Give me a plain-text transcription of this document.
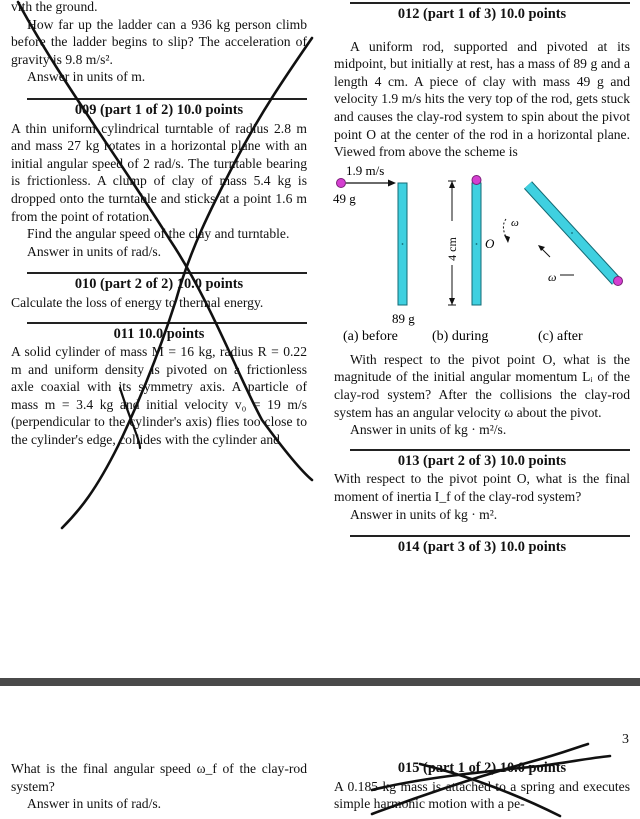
vith the ground.

How far up the ladder can a 936 kg person climb before the ladder begins to slip? The acceleration of gravity is 9.8 m/s².

Answer in units of m.

009 (part 1 of 2) 10.0 points

A thin uniform cylindrical turntable of radius 2.8 m and mass 27 kg rotates in a horizontal plane with an initial angular speed of 2 rad/s. The turntable bearing is frictionless. A clump of clay of mass 5.4 kg is dropped onto the turntable and sticks at a point 1.6 m from the point of rotation.

Find the angular speed of the clay and turntable.

Answer in units of rad/s.

010 (part 2 of 2) 10.0 points

Calculate the loss of energy to thermal energy.

011 10.0 points

A solid cylinder of mass M = 16 kg, radius R = 0.22 m and uniform density is pivoted on a frictionless axle coaxial with its symmetry axis. A particle of mass m = 3.4 kg and initial velocity v₀ = 19 m/s (perpendicular to the cylinder's axis) flies too close to the cylinder's edge, collides with the cylinder and

012 (part 1 of 3) 10.0 points

A uniform rod, supported and pivoted at its midpoint, but initially at rest, has a mass of 89 g and a length 4 cm. A piece of clay with mass 49 g and velocity 1.9 m/s hits the very top of the rod, gets stuck and causes the clay-rod system to spin about the pivot point O at the center of the rod in a horizontal plane. Viewed from above the scheme is

1.9 m/s
49 g
89 g
(a) before
4 cm O
ω
(b) during
ω
(c) after

With respect to the pivot point O, what is the magnitude of the initial angular momentum Lᵢ of the clay-rod system? After the collisions the clay-rod system has an angular velocity ω about the pivot.

Answer in units of kg · m²/s.

013 (part 2 of 3) 10.0 points

With respect to the pivot point O, what is the final moment of inertia I_f of the clay-rod system?

Answer in units of kg · m².

014 (part 3 of 3) 10.0 points

3

What is the final angular speed ω_f of the clay-rod system?

Answer in units of rad/s.

015 (part 1 of 2) 10.0 points

A 0.185 kg mass is attached to a spring and executes simple harmonic motion with a pe-
